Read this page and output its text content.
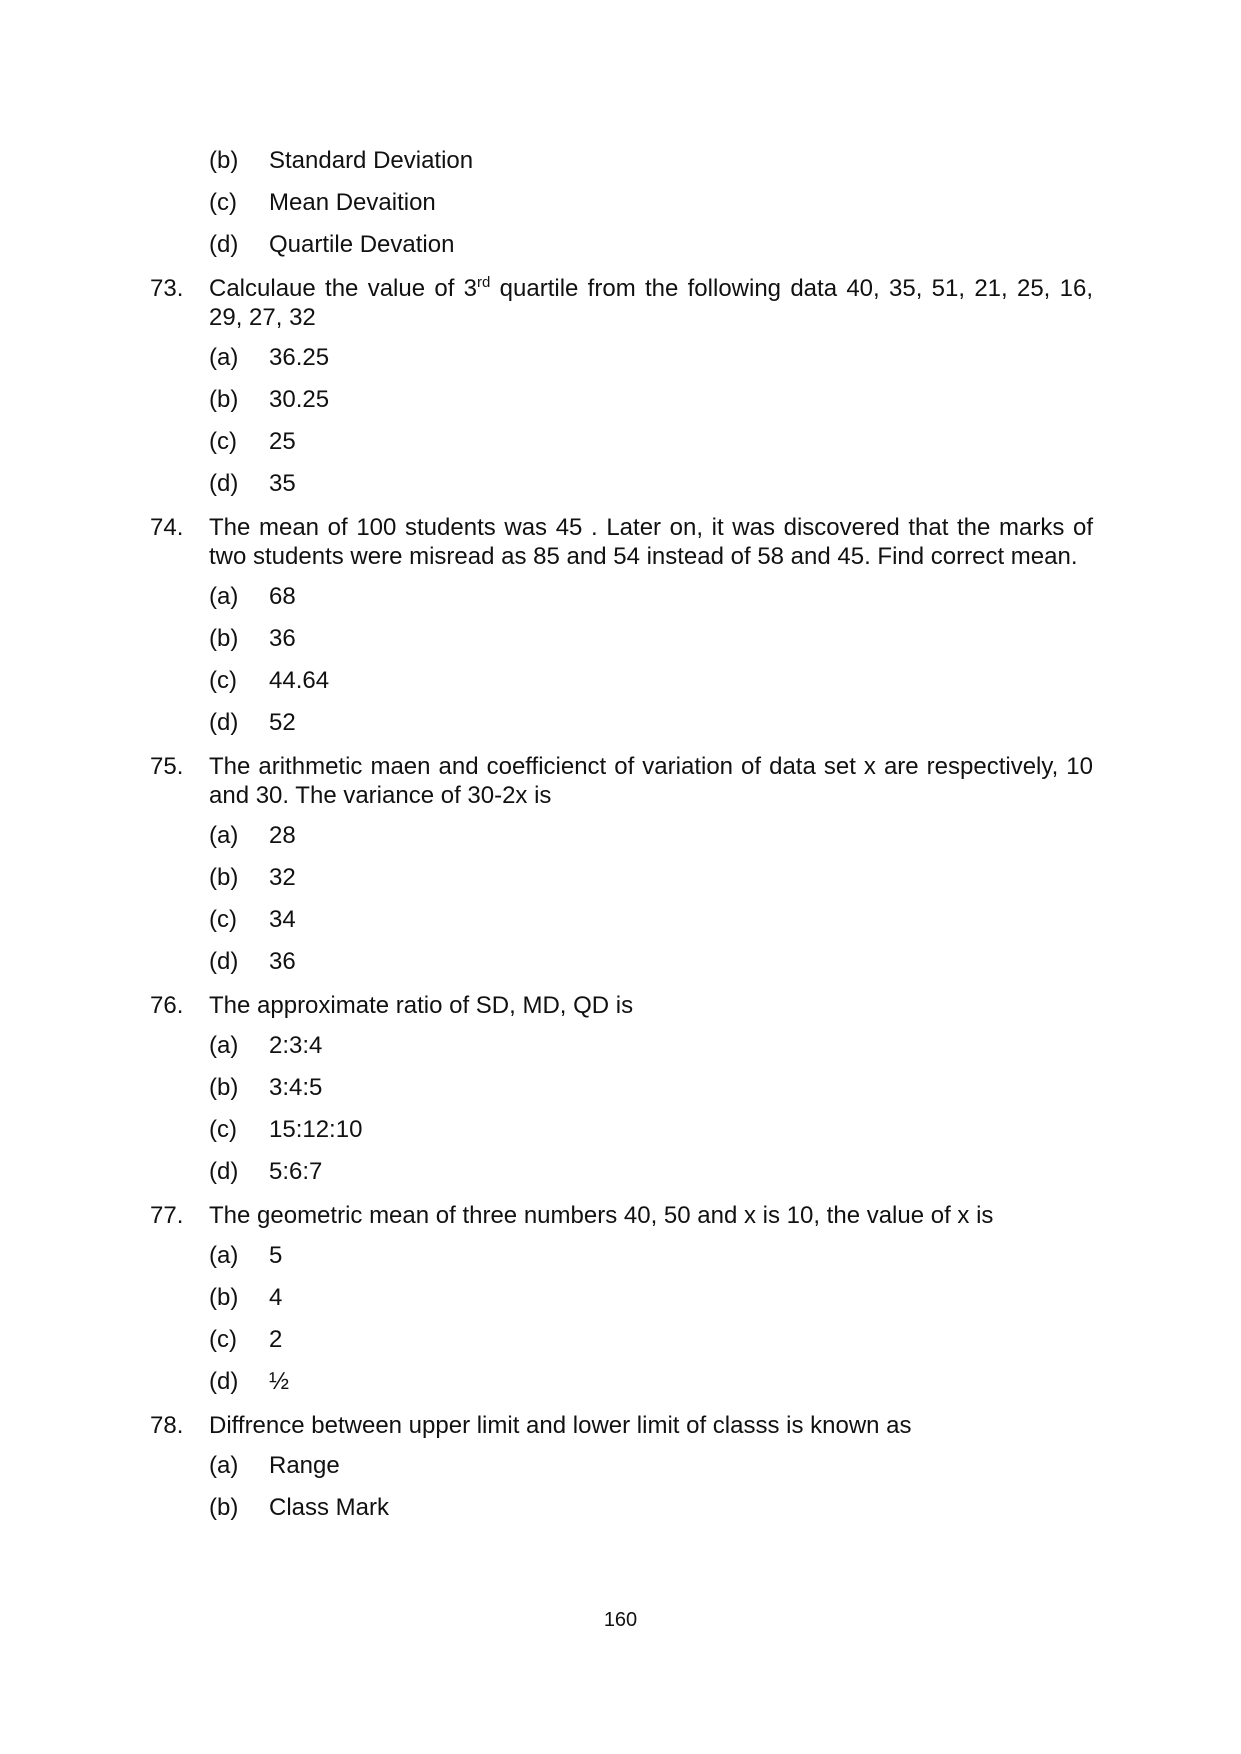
(b) Standard Deviation
(c) Mean Devaition
(d) Quartile Devation
73. Calculaue the value of 3rd quartile from the following data 40, 35, 51, 21, 25, 16, 29, 27, 32
(a) 36.25
(b) 30.25
(c) 25
(d) 35
74. The mean of 100 students was 45 . Later on, it was discovered that the marks of two students were misread as 85 and 54 instead of 58 and 45. Find correct mean.
(a) 68
(b) 36
(c) 44.64
(d) 52
75. The arithmetic maen and coefficienct of variation of data set x are respectively, 10 and 30. The variance of 30-2x is
(a) 28
(b) 32
(c) 34
(d) 36
76. The approximate ratio of SD, MD, QD is
(a) 2:3:4
(b) 3:4:5
(c) 15:12:10
(d) 5:6:7
77. The geometric mean of three numbers 40, 50 and x is 10, the value of x is
(a) 5
(b) 4
(c) 2
(d) ½
78. Diffrence between upper limit and lower limit of classs is known as
(a) Range
(b) Class Mark
160
